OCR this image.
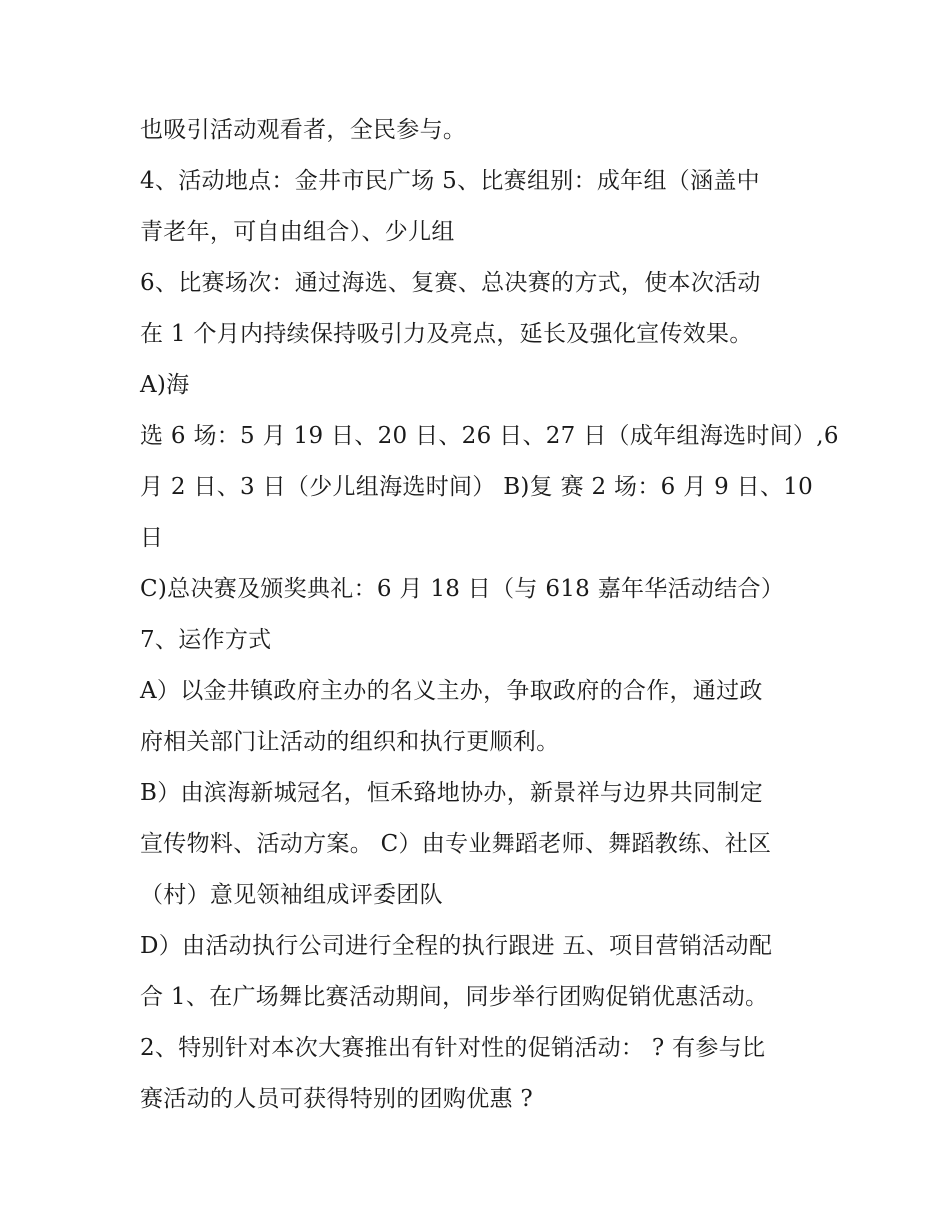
也吸引活动观看者，全民参与。
4、活动地点：金井市民广场 5、比赛组别：成年组（涵盖中
青老年，可自由组合）、少儿组
6、比赛场次：通过海选、复赛、总决赛的方式，使本次活动
在 1 个月内持续保持吸引力及亮点，延长及强化宣传效果。
A)海
选 6 场：5 月 19 日、20 日、26 日、27 日（成年组海选时间）,6
月 2 日、3 日（少儿组海选时间） B)复 赛 2 场：6 月 9 日、10
日
C)总决赛及颁奖典礼：6 月 18 日（与 618 嘉年华活动结合）
7、运作方式
A）以金井镇政府主办的名义主办，争取政府的合作，通过政
府相关部门让活动的组织和执行更顺利。
B）由滨海新城冠名，恒禾臵地协办，新景祥与边界共同制定
宣传物料、活动方案。 C）由专业舞蹈老师、舞蹈教练、社区
（村）意见领袖组成评委团队
D）由活动执行公司进行全程的执行跟进 五、项目营销活动配
合 1、在广场舞比赛活动期间，同步举行团购促销优惠活动。
2、特别针对本次大赛推出有针对性的促销活动： ? 有参与比
赛活动的人员可获得特别的团购优惠 ?
